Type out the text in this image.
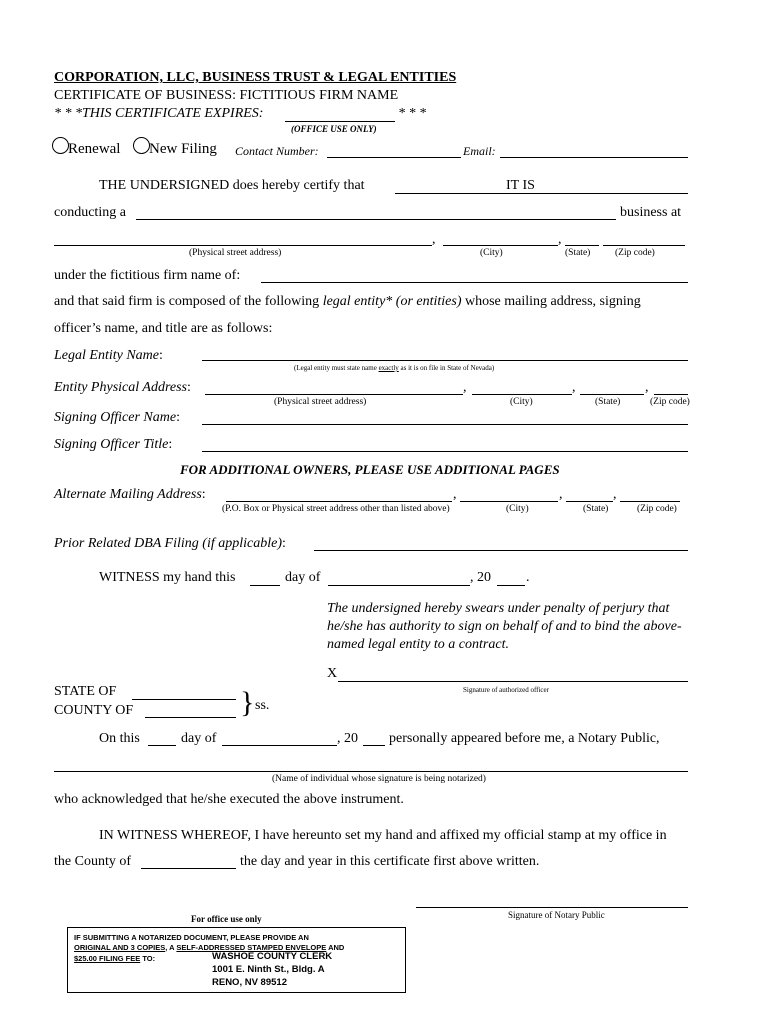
CORPORATION, LLC, BUSINESS TRUST & LEGAL ENTITIES
CERTIFICATE OF BUSINESS: FICTITIOUS FIRM NAME
* * *THIS CERTIFICATE EXPIRES:	* * *
(OFFICE USE ONLY)
Renewal New Filing Contact Number:	Email:
THE UNDERSIGNED does hereby certify that	IT IS
conducting a	business at
,	,
(Physical street address)	(City)	(State)	(Zip code)
under the fictitious firm name of:
and that said firm is composed of the following legal entity* (or entities) whose mailing address, signing
officer’s name, and title are as follows:
Legal Entity Name:
(Legal entity must state name exactly as it is on file in State of Nevada)
Entity Physical Address:	,	,	,
(Physical street address)	(City)	(State)	(Zip code)
Signing Officer Name:
Signing Officer Title:
FOR ADDITIONAL OWNERS, PLEASE USE ADDITIONAL PAGES
Alternate Mailing Address:	,	,	,
(P.O. Box or Physical street address other than listed above)	(City)	(State)	(Zip code)
Prior Related DBA Filing (if applicable):
WITNESS my hand this	day of	, 20	.
The undersigned hereby swears under penalty of perjury that
he/she has authority to sign on behalf of and to bind the above-
named legal entity to a contract.
X
Signature of authorized officer
STATE OF
COUNTY OF	} ss.
On this	day of	, 20 personally appeared before me, a Notary Public,
(Name of individual whose signature is being notarized)
who acknowledged that he/she executed the above instrument.
IN WITNESS WHEREOF, I have hereunto set my hand and affixed my official stamp at my office in
the County of	the day and year in this certificate first above written.
Signature of Notary Public
For office use only
IF SUBMITTING A NOTARIZED DOCUMENT, PLEASE PROVIDE AN
ORIGINAL AND 3 COPIES, A SELF-ADDRESSED STAMPED ENVELOPE AND
$25.00 FILING FEE TO:	WASHOE COUNTY CLERK
1001 E. Ninth St., Bldg. A
RENO, NV 89512
